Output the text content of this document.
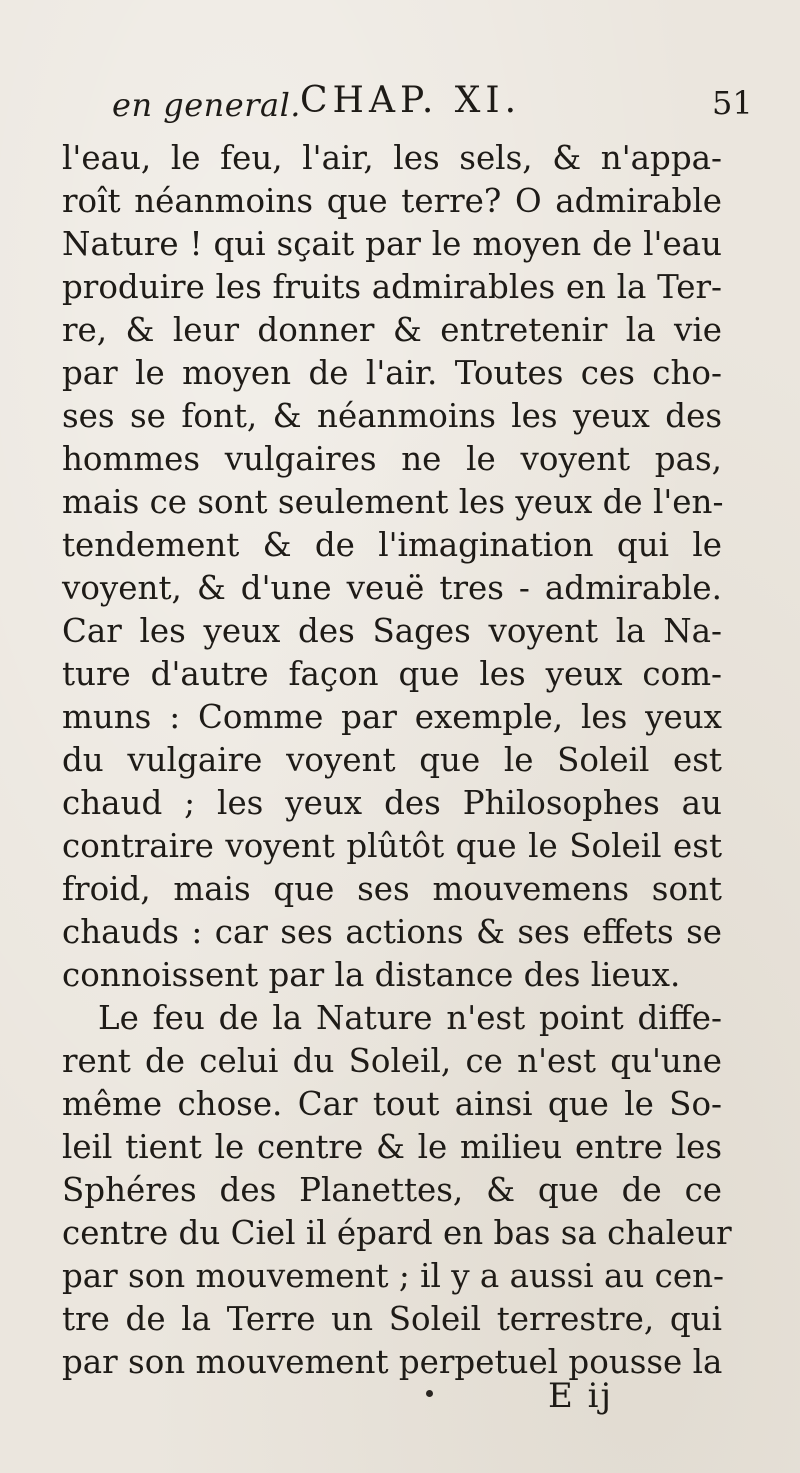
en general. CHAP. XI.	51
l'eau, le feu, l'air, les sels, & n'appa-
roît néanmoins que terre? O admirable
Nature ! qui sçait par le moyen de l'eau
produire les fruits admirables en la Ter-
re, & leur donner & entretenir la vie
par le moyen de l'air. Toutes ces cho-
ses se font, & néanmoins les yeux des
hommes vulgaires ne le voyent pas,
mais ce sont seulement les yeux de l'en-
tendement & de l'imagination qui le
voyent, & d'une veuë tres - admirable.
Car les yeux des Sages voyent la Na-
ture d'autre façon que les yeux com-
muns : Comme par exemple, les yeux
du vulgaire voyent que le Soleil est
chaud ; les yeux des Philosophes au
contraire voyent plûtôt que le Soleil est
froid, mais que ses mouvemens sont
chauds : car ses actions & ses effets se
connoissent par la distance des lieux.
Le feu de la Nature n'est point diffe-
rent de celui du Soleil, ce n'est qu'une
même chose. Car tout ainsi que le So-
leil tient le centre & le milieu entre les
Sphéres des Planettes, & que de ce
centre du Ciel il épard en bas sa chaleur
par son mouvement ; il y a aussi au cen-
tre de la Terre un Soleil terrestre, qui
par son mouvement perpetuel pousse la
E ij
